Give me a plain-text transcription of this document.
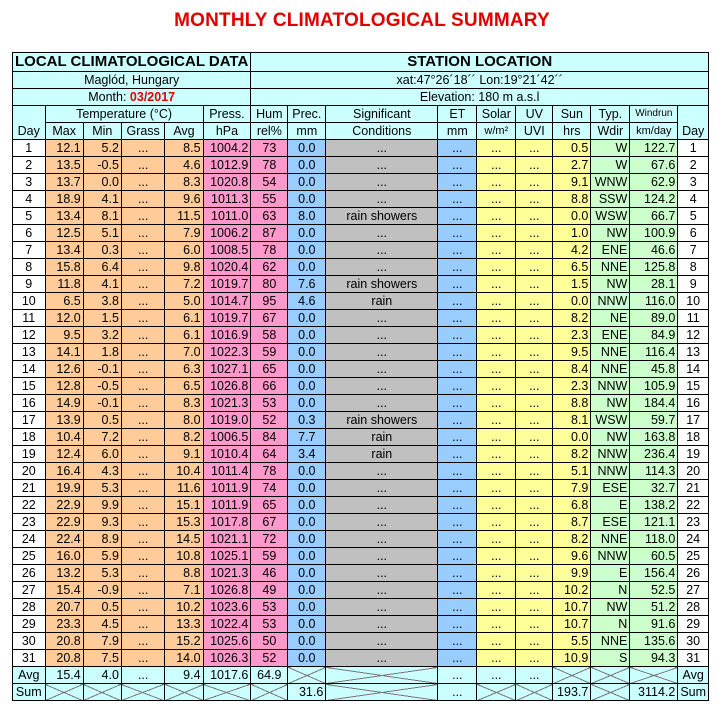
MONTHLY CLIMATOLOGICAL SUMMARY
LOCAL CLIMATOLOGICAL DATA						STATION LOCATION									
Maglód, Hungary						xat:47°26´18´´ Lon:19°21´42´´									
Month: 03/2017						Elevation: 180 m a.s.l									
Day	Temperature (°C)				Press.	Hum	Prec.	Significant	ET	Solar	UV	Sun	Typ.	Windrun	Day
	Max	Min	Grass	Avg	hPa	rel%	mm	Conditions	mm	w/m²	UVI	hrs	Wdir	km/day	
1	12.1	5.2	...	8.5	1004.2	73	0.0	...	...	...	...	0.5	W	122.7	1
2	13.5	-0.5	...	4.6	1012.9	78	0.0	...	...	...	...	2.7	W	67.6	2
3	13.7	0.0	...	8.3	1020.8	54	0.0	...	...	...	...	9.1	WNW	62.9	3
4	18.9	4.1	...	9.6	1011.3	55	0.0	...	...	...	...	8.8	SSW	124.2	4
5	13.4	8.1	...	11.5	1011.0	63	8.0	rain showers	...	...	...	0.0	WSW	66.7	5
6	12.5	5.1	...	7.9	1006.2	87	0.0	...	...	...	...	1.0	NW	100.9	6
7	13.4	0.3	...	6.0	1008.5	78	0.0	...	...	...	...	4.2	ENE	46.6	7
8	15.8	6.4	...	9.8	1020.4	62	0.0	...	...	...	...	6.5	NNE	125.8	8
9	11.8	4.1	...	7.2	1019.7	80	7.6	rain showers	...	...	...	1.5	NW	28.1	9
10	6.5	3.8	...	5.0	1014.7	95	4.6	rain	...	...	...	0.0	NNW	116.0	10
11	12.0	1.5	...	6.1	1019.7	67	0.0	...	...	...	...	8.2	NE	89.0	11
12	9.5	3.2	...	6.1	1016.9	58	0.0	...	...	...	...	2.3	ENE	84.9	12
13	14.1	1.8	...	7.0	1022.3	59	0.0	...	...	...	...	9.5	NNE	116.4	13
14	12.6	-0.1	...	6.3	1027.1	65	0.0	...	...	...	...	8.4	NNE	45.8	14
15	12.8	-0.5	...	6.5	1026.8	66	0.0	...	...	...	...	2.3	NNW	105.9	15
16	14.9	-0.1	...	8.3	1021.3	53	0.0	...	...	...	...	8.8	NW	184.4	16
17	13.9	0.5	...	8.0	1019.0	52	0.3	rain showers	...	...	...	8.1	WSW	59.7	17
18	10.4	7.2	...	8.2	1006.5	84	7.7	rain	...	...	...	0.0	NW	163.8	18
19	12.4	6.0	...	9.1	1010.4	64	3.4	rain	...	...	...	8.2	NNW	236.4	19
20	16.4	4.3	...	10.4	1011.4	78	0.0	...	...	...	...	5.1	NNW	114.3	20
21	19.9	5.3	...	11.6	1011.9	74	0.0	...	...	...	...	7.9	ESE	32.7	21
22	22.9	9.9	...	15.1	1011.9	65	0.0	...	...	...	...	6.8	E	138.2	22
23	22.9	9.3	...	15.3	1017.8	67	0.0	...	...	...	...	8.7	ESE	121.1	23
24	22.4	8.9	...	14.5	1021.1	72	0.0	...	...	...	...	8.2	NNE	118.0	24
25	16.0	5.9	...	10.8	1025.1	59	0.0	...	...	...	...	9.6	NNW	60.5	25
26	13.2	5.3	...	8.8	1021.3	46	0.0	...	...	...	...	9.9	E	156.4	26
27	15.4	-0.9	...	7.1	1026.8	49	0.0	...	...	...	...	10.2	N	52.5	27
28	20.7	0.5	...	10.2	1023.6	53	0.0	...	...	...	...	10.7	NW	51.2	28
29	23.3	4.5	...	13.3	1022.4	53	0.0	...	...	...	...	10.7	N	91.6	29
30	20.8	7.9	...	15.2	1025.6	50	0.0	...	...	...	...	5.5	NNE	135.6	30
31	20.8	7.5	...	14.0	1026.3	52	0.0	...	...	...	...	10.9	S	94.3	31
Avg	15.4	4.0	...	9.4	1017.6	64.9			...	...	...				Avg
Sum							31.6		...			193.7		3114.2	Sum
